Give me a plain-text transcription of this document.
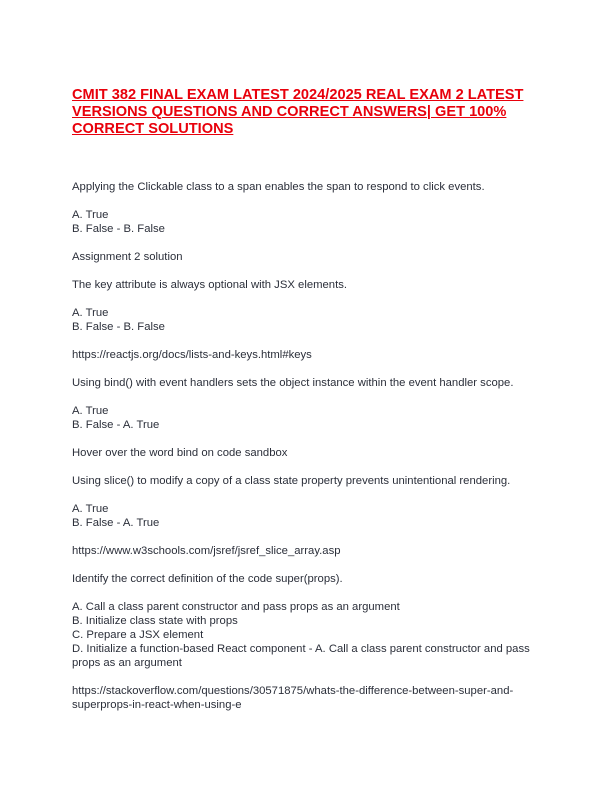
CMIT 382 FINAL EXAM LATEST 2024/2025 REAL EXAM 2 LATEST VERSIONS QUESTIONS AND CORRECT ANSWERS| GET 100% CORRECT SOLUTIONS
Applying the Clickable class to a span enables the span to respond to click events.
A. True
B. False - B. False
Assignment 2 solution
The key attribute is always optional with JSX elements.
A. True
B. False - B. False
https://reactjs.org/docs/lists-and-keys.html#keys
Using bind() with event handlers sets the object instance within the event handler scope.
A. True
B. False - A. True
Hover over the word bind on code sandbox
Using slice() to modify a copy of a class state property prevents unintentional rendering.
A. True
B. False - A. True
https://www.w3schools.com/jsref/jsref_slice_array.asp
Identify the correct definition of the code super(props).
A. Call a class parent constructor and pass props as an argument
B. Initialize class state with props
C. Prepare a JSX element
D. Initialize a function-based React component - A. Call a class parent constructor and pass props as an argument
https://stackoverflow.com/questions/30571875/whats-the-difference-between-super-and-superprops-in-react-when-using-e
